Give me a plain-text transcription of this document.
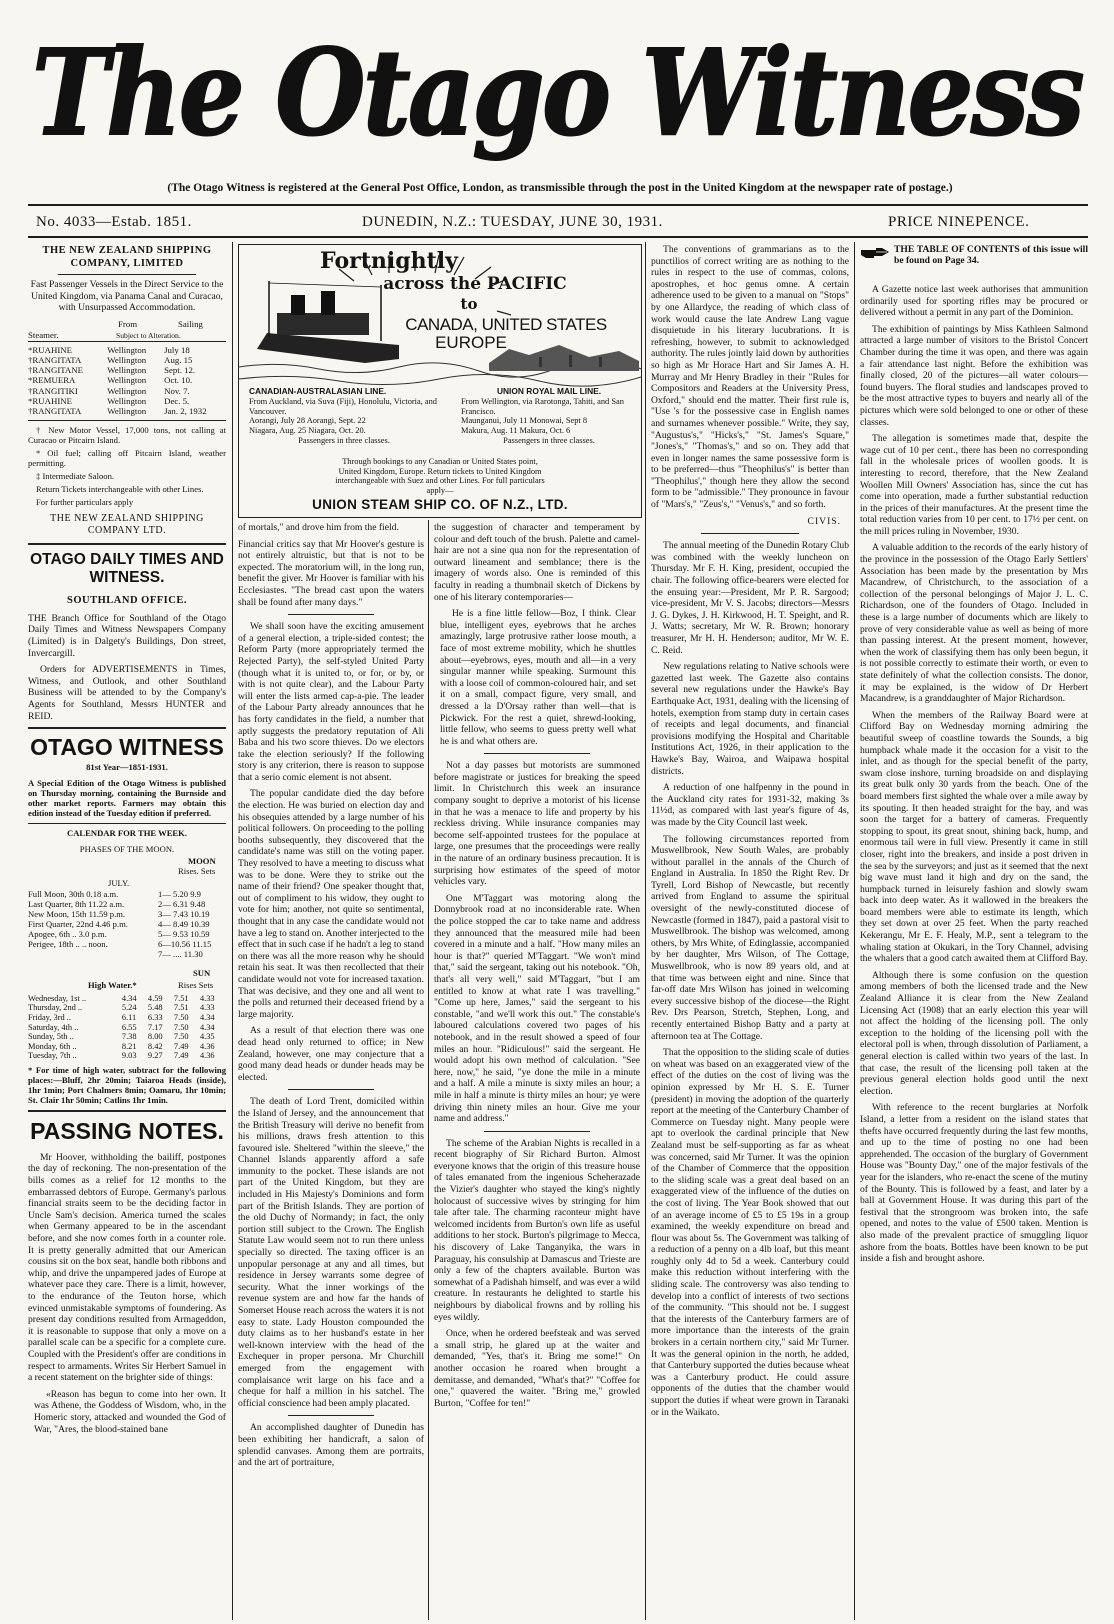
The Otago Witness
(The Otago Witness is registered at the General Post Office, London, as transmissible through the post in the United Kingdom at the newspaper rate of postage.)
No. 4033—Estab. 1851.	DUNEDIN, N.Z.: TUESDAY, JUNE 30, 1931.	PRICE NINEPENCE.
THE NEW ZEALAND SHIPPING COMPANY, LIMITED

Fast Passenger Vessels in the Direct Service to the United Kingdom, via Panama Canal and Curacao, with Unsurpassed Accommodation.

From	Sailing
Steamer.	Subject to Alteration.
*RUAHINE	Wellington	July 18
†RANGITATA	Wellington	Aug. 15
†RANGITANE	Wellington	Sept. 12.
*REMUERA	Wellington	Oct. 10.
†RANGITIKI	Wellington	Nov. 7.
*RUAHINE	Wellington	Dec. 5.
†RANGITATA	Wellington	Jan. 2, 1932

† New Motor Vessel, 17,000 tons, not calling at Curacao or Pitcairn Island.

* Oil fuel; calling off Pitcairn Island, weather permitting.

‡ Intermediate Saloon.

Return Tickets interchangeable with other Lines.

For further particulars apply

THE NEW ZEALAND SHIPPING COMPANY LTD.
OTAGO DAILY TIMES AND WITNESS.
SOUTHLAND OFFICE.

THE Branch Office for Southland of the Otago Daily Times and Witness Newspapers Company (Limited) is in Dalgety's Buildings, Don street, Invercargill.

Orders for ADVERTISEMENTS in Times, Witness, and Outlook, and other Southland Business will be attended to by the Company's Agents for Southland, Messrs HUNTER and REID.

OTAGO WITNESS
81st Year—1851-1931.

A Special Edition of the Otago Witness is published on Thursday morning, containing the Burnside and other market reports. Farmers may obtain this edition instead of the Tuesday edition if preferred.

CALENDAR FOR THE WEEK.
PHASES OF THE MOON.
MOON
Rises. Sets
JULY.
Full Moon, 30th 0.18 a.m.
Last Quarter, 8th 11.22 a.m.
New Moon, 15th 11.59 p.m.
First Quarter, 22nd 4.46 p.m.
Apogee, 6th .. 3.0 p.m.
Perigee, 18th .. .. noon.
1— 5.20 9.9
2— 6.31 9.48
3— 7.43 10.19
4— 8.49 10.39
5— 9.53 10.59
6—10.56 11.15
7— .... 11.30
SUN
High Water.*	Rises Sets
Wednesday, 1st ..	4.34	4.59	7.51	4.33
Thursday, 2nd ..	5.24	5.48	7.51	4.33
Friday, 3rd ..	6.11	6.33	7.50	4.34
Saturday, 4th ..	6.55	7.17	7.50	4.34
Sunday, 5th ..	7.38	8.00	7.50	4.35
Monday, 6th ..	8.21	8.42	7.49	4.36
Tuesday, 7th ..	9.03	9.27	7.49	4.36

* For time of high water, subtract for the following places:—Bluff, 2hr 20min; Taiaroa Heads (inside), 1hr 1min; Port Chalmers 8min; Oamaru, 1hr 10min; St. Clair 1hr 50min; Catlins 1hr 1min.

PASSING NOTES.

Mr Hoover, withholding the bailiff, postpones the day of reckoning. The non-presentation of the bills comes as a relief for 12 months to the embarrassed debtors of Europe. Germany's parlous financial straits seem to be the deciding factor in Uncle Sam's decision. America turned the scales when Germany appeared to be in the ascendant before, and she now comes forth in a counter role. It is pretty generally admitted that our American cousins sit on the box seat, handle both ribbons and whip, and drive the unpampered jades of Europe at whatever pace they care. There is a limit, however, to the endurance of the Teuton horse, which evinced unmistakable symptoms of foundering. As present day conditions resulted from Armageddon, it is reasonable to suppose that only a move on a parallel scale can be a specific for a complete cure. Coupled with the President's offer are conditions in respect to armaments. Writes Sir Herbert Samuel in a recent statement on the brighter side of things:

«Reason has begun to come into her own. It was Athene, the Goddess of Wisdom, who, in the Homeric story, attacked and wounded the God of War, "Ares, the blood-stained bane

Fortnightly
across the PACIFIC
to
CANADA, UNITED STATES
EUROPE
CANADIAN-AUSTRALASIAN LINE.
From Auckland, via Suva (Fiji), Honolulu, Victoria, and Vancouver.
Aorangi, July 28 Aorangi, Sept. 22
Niagara, Aug. 25 Niagara, Oct. 20.
Passengers in three classes.
UNION ROYAL MAIL LINE.
From Wellington, via Rarotonga, Tahiti, and San Francisco.
Maunganui, July 11 Monowai, Sept 8
Makura, Aug. 11 Makura, Oct. 6
Passengers in three classes.
Through bookings to any Canadian or United States point, United Kingdom, Europe. Return tickets to United Kingdom interchangeable with Suez and other Lines. For full particulars apply—
UNION STEAM SHIP CO. OF N.Z., LTD.

of mortals," and drove him from the field.

Financial critics say that Mr Hoover's gesture is not entirely altruistic, but that is not to be expected. The moratorium will, in the long run, benefit the giver. Mr Hoover is familiar with his Ecclesiastes. "The bread cast upon the waters shall be found after many days."

We shall soon have the exciting amusement of a general election, a triple-sided contest; the Reform Party (more appropriately termed the Rejected Party), the self-styled United Party (though what it is united to, or for, or by, or with is not quite clear), and the Labour Party will enter the lists armed cap-a-pie. The leader of the Labour Party already announces that he has forty candidates in the field, a number that aptly suggests the predatory reputation of Ali Baba and his two score thieves. Do we electors take the election seriously? If the following story is any criterion, there is reason to suppose that a serio comic element is not absent.

The popular candidate died the day before the election. He was buried on election day and his obsequies attended by a large number of his political followers. On proceeding to the polling booths subsequently, they discovered that the candidate's name was still on the voting paper. They resolved to have a meeting to discuss what was to be done. Were they to strike out the name of their friend? One speaker thought that, out of compliment to his widow, they ought to vote for him; another, not quite so sentimental, thought that in any case the candidate would not have a leg to stand on. Another interjected to the effect that in such case if he hadn't a leg to stand on there was all the more reason why he should retain his seat. It was then recollected that their candidate would not vote for increased taxation. That was decisive, and they one and all went to the polls and returned their deceased friend by a large majority.

As a result of that election there was one dead head only returned to office; in New Zealand, however, one may conjecture that a good many dead heads or dunder heads may be elected.

The death of Lord Trent, domiciled within the Island of Jersey, and the announcement that the British Treasury will derive no benefit from his millions, draws fresh attention to this favoured isle. Sheltered "within the sleeve," the Channel Islands apparently afford a safe immunity to the pocket. These islands are not part of the United Kingdom, but they are included in His Majesty's Dominions and form part of the British Islands. They are portion of the old Duchy of Normandy; in fact, the only portion still subject to the Crown. The English Statute Law would seem not to run there unless specially so directed. The taxing officer is an unpopular personage at any and all times, but residence in Jersey warrants some degree of security. What the inner workings of the revenue system are and how far the hands of Somerset House reach across the waters it is not easy to state. Lady Houston compounded the duty claims as to her husband's estate in her well-known interview with the head of the Exchequer in proper persona. Mr Churchill emerged from the engagement with complaisance writ large on his face and a cheque for half a million in his satchel. The official conscience had been amply placated.

An accomplished daughter of Dunedin has been exhibiting her handicraft, a salon of splendid canvases. Among them are portraits, and the art of portraiture,

the suggestion of character and temperament by colour and deft touch of the brush. Palette and camel-hair are not a sine qua non for the representation of outward lineament and semblance; there is the imagery of words also. One is reminded of this faculty in reading a thumbnail sketch of Dickens by one of his literary contemporaries—

He is a fine little fellow—Boz, I think. Clear blue, intelligent eyes, eyebrows that he arches amazingly, large protrusive rather loose mouth, a face of most extreme mobility, which he shuttles about—eyebrows, eyes, mouth and all—in a very singular manner while speaking. Surmount this with a loose coil of common-coloured hair, and set it on a small, compact figure, very small, and dressed a la D'Orsay rather than well—that is Pickwick. For the rest a quiet, shrewd-looking, little fellow, who seems to guess pretty well what he is and what others are.

Not a day passes but motorists are summoned before magistrate or justices for breaking the speed limit. In Christchurch this week an insurance company sought to deprive a motorist of his license in that he was a menace to life and property by his reckless driving. While insurance companies may become self-appointed trustees for the populace at large, one presumes that the proceedings were really in the nature of an ordinary business precaution. It is surprising how estimates of the speed of motor vehicles vary.

One M'Taggart was motoring along the Donnybrook road at no inconsiderable rate. When the police stopped the car to take name and address they announced that the measured mile had been covered in a minute and a half. "How many miles an hour is that?" queried M'Taggart. "We won't mind that," said the sergeant, taking out his notebook. "Oh, that's all very well," said M'Taggart, "but I am entitled to know at what rate I was travelling." "Come up here, James," said the sergeant to his constable, "and we'll work this out." The constable's laboured calculations covered two pages of his notebook, and in the result showed a speed of four miles an hour. "Ridiculous!" said the sergeant. He would adopt his own method of calculation. "See here, now," he said, "ye done the mile in a minute and a half. A mile a minute is sixty miles an hour; a mile in half a minute is thirty miles an hour; ye were driving thin ninety miles an hour. Give me your name and address."

The scheme of the Arabian Nights is recalled in a recent biography of Sir Richard Burton. Almost everyone knows that the origin of this treasure house of tales emanated from the ingenious Scheherazade the Vizier's daughter who stayed the king's nightly holocaust of successive wives by stringing for him tale after tale. The charming raconteur might have welcomed incidents from Burton's own life as useful additions to her stock. Burton's pilgrimage to Mecca, his discovery of Lake Tanganyika, the wars in Paraguay, his consulship at Damascus and Trieste are only a few of the chapters available. Burton was somewhat of a Padishah himself, and was ever a wild creature. In restaurants he delighted to startle his neighbours by diabolical frowns and by rolling his eyes wildly.

Once, when he ordered beefsteak and was served a small strip, he glared up at the waiter and demanded, "Yes, that's it. Bring me some!" On another occasion he roared when brought a demitasse, and demanded, "What's that?" "Coffee for one," quavered the waiter. "Bring me," growled Burton, "Coffee for ten!"

The conventions of grammarians as to the punctilios of correct writing are as nothing to the rules in respect to the use of commas, colons, apostrophes, et hoc genus omne. A certain adherence used to be given to a manual on "Stops" by one Allardyce, the reading of which class of work would cause the late Andrew Lang vague disquietude in his literary lucubrations. It is refreshing, however, to submit to acknowledged authority. The rules jointly laid down by authorities so high as Mr Horace Hart and Sir James A. H. Murray and Mr Henry Bradley in their "Rules for Compositors and Readers at the University Press, Oxford," should end the matter. Their first rule is, "Use 's for the possessive case in English names and surnames whenever possible." Write, they say, "Augustus's," "Hicks's," "St. James's Square," "Jones's," "Thomas's," and so on. They add that even in longer names the same possessive form is to be preferred—thus "Theophilus's" is better than "Theophilus'," though here they allow the second form to be "admissible." They pronounce in favour of "Mars's," "Zeus's," "Venus's," and so forth.

CIVIS.

The annual meeting of the Dunedin Rotary Club was combined with the weekly luncheon on Thursday. Mr F. H. King, president, occupied the chair. The following office-bearers were elected for the ensuing year:—President, Mr P. R. Sargood; vice-president, Mr V. S. Jacobs; directors—Messrs J. G. Dykes, J. H. Kirkwood, H. T. Speight, and R. J. Watts; secretary, Mr W. R. Brown; honorary treasurer, Mr H. H. Henderson; auditor, Mr W. E. C. Reid.

New regulations relating to Native schools were gazetted last week. The Gazette also contains several new regulations under the Hawke's Bay Earthquake Act, 1931, dealing with the licensing of hotels, exemption from stamp duty in certain cases of receipts and legal documents, and financial provisions modifying the Hospital and Charitable Institutions Act, 1926, in their application to the Hawke's Bay, Wairoa, and Waipawa hospital districts.

A reduction of one halfpenny in the pound in the Auckland city rates for 1931-32, making 3s 11½d, as compared with last year's figure of 4s, was made by the City Council last week.

The following circumstances reported from Muswellbrook, New South Wales, are probably without parallel in the annals of the Church of England in Australia. In 1850 the Right Rev. Dr Tyrell, Lord Bishop of Newcastle, but recently arrived from England to assume the spiritual oversight of the newly-constituted diocese of Newcastle (formed in 1847), paid a pastoral visit to Muswellbrook. The bishop was welcomed, among others, by Mrs White, of Edinglassie, accompanied by her daughter, Mrs Wilson, of The Cottage, Muswellbrook, who is now 89 years old, and at that time was between eight and nine. Since that far-off date Mrs Wilson has joined in welcoming every successive bishop of the diocese—the Right Rev. Drs Pearson, Stretch, Stephen, Long, and recently entertained Bishop Batty and a party at afternoon tea at The Cottage.

That the opposition to the sliding scale of duties on wheat was based on an exaggerated view of the effect of the duties on the cost of living was the opinion expressed by Mr H. S. E. Turner (president) in moving the adoption of the quarterly report at the meeting of the Canterbury Chamber of Commerce on Tuesday night. Many people were apt to overlook the cardinal principle that New Zealand must be self-supporting as far as wheat was concerned, said Mr Turner. It was the opinion of the Chamber of Commerce that the opposition to the sliding scale was a great deal based on an exaggerated view of the influence of the duties on the cost of living. The Year Book showed that out of an average income of £5 to £5 19s in a group examined, the weekly expenditure on bread and flour was about 5s. The Government was talking of a reduction of a penny on a 4lb loaf, but this meant roughly only 4d to 5d a week. Canterbury could make this reduction without interfering with the sliding scale. The controversy was also tending to develop into a conflict of interests of two sections of the community. "This should not be. I suggest that the interests of the Canterbury farmers are of more importance than the interests of the grain brokers in a certain northern city," said Mr Turner. It was the general opinion in the north, he added, that Canterbury supported the duties because wheat was a Canterbury product. He could assure opponents of the duties that the chamber would support the duties if wheat were grown in Taranaki or in the Waikato.

THE TABLE OF CONTENTS of this issue will be found on Page 34.

A Gazette notice last week authorises that ammunition ordinarily used for sporting rifles may be procured or delivered without a permit in any part of the Dominion.

The exhibition of paintings by Miss Kathleen Salmond attracted a large number of visitors to the Bristol Concert Chamber during the time it was open, and there was again a fair attendance last night. Before the exhibition was finally closed, 20 of the pictures—all water colours—found buyers. The floral studies and landscapes proved to be the most attractive types to buyers and nearly all of the pictures which were sold belonged to one or other of these classes.

The allegation is sometimes made that, despite the wage cut of 10 per cent., there has been no corresponding fall in the wholesale prices of woollen goods. It is interesting to record, therefore, that the New Zealand Woollen Mill Owners' Association has, since the cut has come into operation, made a further substantial reduction in the prices of their manufactures. At the present time the total reduction varies from 10 per cent. to 17½ per cent. on the mill prices ruling in November, 1930.

A valuable addition to the records of the early history of the province in the possession of the Otago Early Settlers' Association has been made by the presentation by Mrs Macandrew, of Christchurch, to the association of a collection of the personal belongings of Major J. L. C. Richardson, one of the founders of Otago. Included in these is a large number of documents which are likely to prove of very considerable value as well as being of more than passing interest. At the present moment, however, when the work of classifying them has only been begun, it is not possible correctly to estimate their worth, or even to state definitely of what the collection consists. The donor, it may be explained, is the widow of Dr Herbert Macandrew, is a granddaughter of Major Richardson.

When the members of the Railway Board were at Clifford Bay on Wednesday morning admiring the beautiful sweep of coastline towards the Sounds, a big humpback whale made it the occasion for a visit to the inlet, and as though for the special benefit of the party, swam close inshore, turning broadside on and displaying its great bulk only 30 yards from the beach. One of the board members first sighted the whale over a mile away by its spouting. It then headed straight for the bay, and was soon the target for a battery of cameras. Frequently stopping to spout, its great snout, shining back, hump, and enormous tail were in full view. Presently it came in still closer, right into the breakers, and inside a post driven in the sea by the surveyors; and just as it seemed that the next big wave must land it high and dry on the sand, the humpback turned in leisurely fashion and slowly swam back into deep water. As it wallowed in the breakers the board members were able to estimate its length, which they set down at over 25 feet. When the party reached Kekerangu, Mr E. F. Healy, M.P., sent a telegram to the whaling station at Okukari, in the Tory Channel, advising the whalers that a good catch awaited them at Clifford Bay.

Although there is some confusion on the question among members of both the licensed trade and the New Zealand Alliance it is clear from the New Zealand Licensing Act (1908) that an early election this year will not affect the holding of the licensing poll. The only exception to the holding of the licensing poll with the electoral poll is when, through dissolution of Parliament, a general election is called within two years of the last. In that case, the result of the licensing poll taken at the previous general election holds good until the next election.

With reference to the recent burglaries at Norfolk Island, a letter from a resident on the island states that thefts have occurred frequently during the last few months, and up to the time of posting no one had been apprehended. The occasion of the burglary of Government House was "Bounty Day," one of the major festivals of the year for the islanders, who re-enact the scene of the mutiny of the Bounty. This is followed by a feast, and later by a ball at Government House. It was during this part of the festival that the strongroom was broken into, the safe opened, and notes to the value of £500 taken. Mention is also made of the prevalent practice of smuggling liquor ashore from the boats. Bottles have been known to be put inside a fish and brought ashore.
